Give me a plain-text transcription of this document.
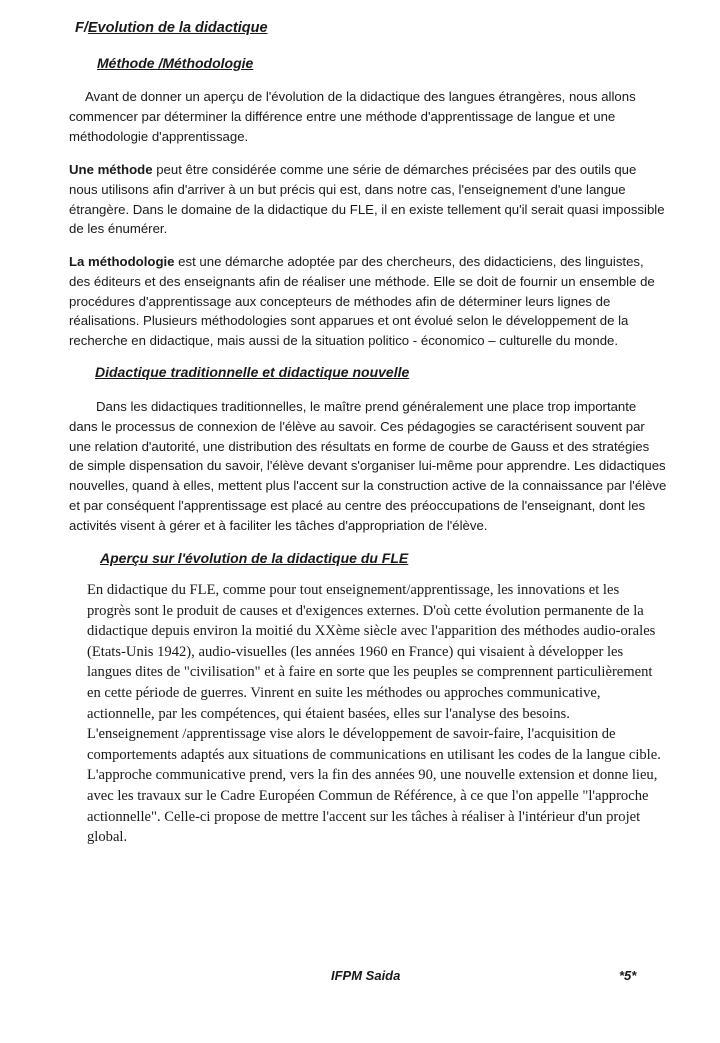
F/Evolution de la didactique
Méthode /Méthodologie

Avant de donner un aperçu de l'évolution de la didactique des langues étrangères, nous allons commencer par déterminer la différence entre une méthode d'apprentissage de langue et une méthodologie d'apprentissage.

Une méthode peut être considérée comme une série de démarches précisées par des outils que nous utilisons afin d'arriver à un but précis qui est, dans notre cas, l'enseignement d'une langue étrangère. Dans le domaine de la didactique du FLE, il en existe tellement qu'il serait quasi impossible de les énumérer.

La méthodologie est une démarche adoptée par des chercheurs, des didacticiens, des linguistes, des éditeurs et des enseignants afin de réaliser une méthode. Elle se doit de fournir un ensemble de procédures d'apprentissage aux concepteurs de méthodes afin de déterminer leurs lignes de réalisations. Plusieurs méthodologies sont apparues et ont évolué selon le développement de la recherche en didactique, mais aussi de la situation politico - économico – culturelle du monde.

Didactique traditionnelle et didactique nouvelle

Dans les didactiques traditionnelles, le maître prend généralement une place trop importante dans le processus de connexion de l'élève au savoir. Ces pédagogies se caractérisent souvent par une relation d'autorité, une distribution des résultats en forme de courbe de Gauss et des stratégies de simple dispensation du savoir, l'élève devant s'organiser lui-même pour apprendre. Les didactiques nouvelles, quand à elles, mettent plus l'accent sur la construction active de la connaissance par l'élève et par conséquent l'apprentissage est placé au centre des préoccupations de l'enseignant, dont les activités visent à gérer et à faciliter les tâches d'appropriation de l'élève.

Aperçu sur l'évolution de la didactique du FLE

En didactique du FLE, comme pour tout enseignement/apprentissage, les innovations et les progrès sont le produit de causes et d'exigences externes. D'où cette évolution permanente de la didactique depuis environ la moitié du XXème siècle avec l'apparition des méthodes audio-orales (Etats-Unis 1942), audio-visuelles (les années 1960 en France) qui visaient à développer les langues dites de "civilisation" et à faire en sorte que les peuples se comprennent particulièrement en cette période de guerres. Vinrent en suite les méthodes ou approches communicative, actionnelle, par les compétences, qui étaient basées, elles sur l'analyse des besoins.

L'enseignement /apprentissage vise alors le développement de savoir-faire, l'acquisition de comportements adaptés aux situations de communications en utilisant les codes de la langue cible.

L'approche communicative prend, vers la fin des années 90, une nouvelle extension et donne lieu, avec les travaux sur le Cadre Européen Commun de Référence, à ce que l'on appelle "l'approche actionnelle". Celle-ci propose de mettre l'accent sur les tâches à réaliser à l'intérieur d'un projet global.

IFPM Saida	*5*
